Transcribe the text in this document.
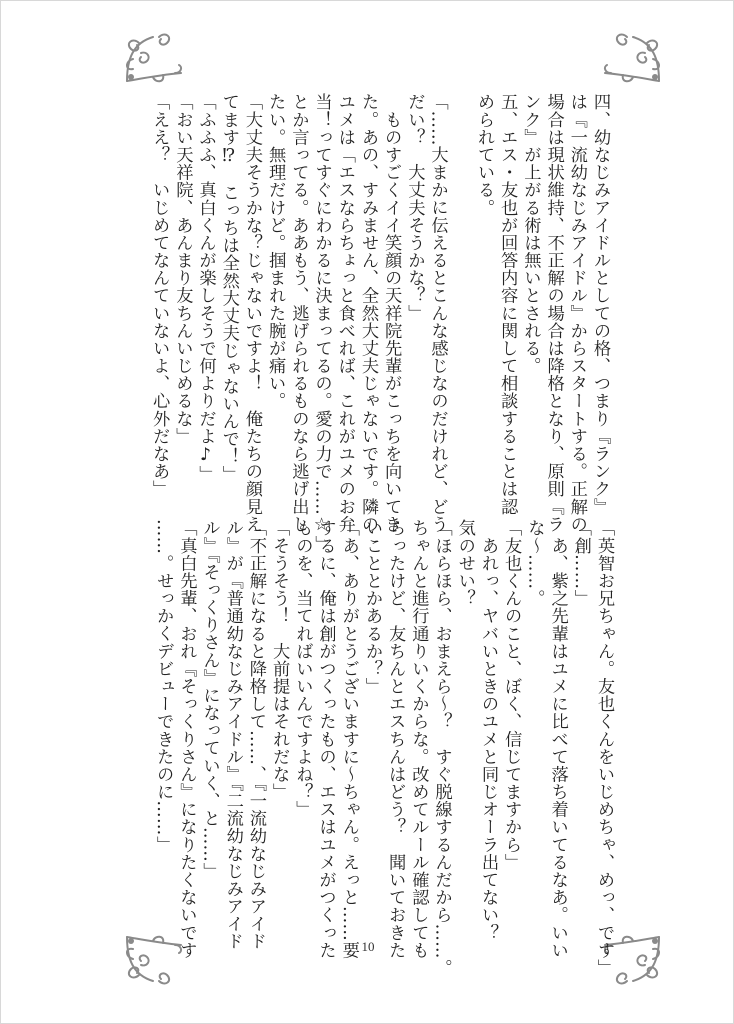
四、幼なじみアイドルとしての格、つまり『ランク』
は『一流幼なじみアイドル』からスタートする。正解の
場合は現状維持、不正解の場合は降格となり、原則『ラ
ンク』が上がる術は無いとされる。
五、エス・友也が回答内容に関して相談することは認
められている。

「……大まかに伝えるとこんな感じなのだけれど、どう
だい？　大丈夫そうかな？」
　ものすごくイイ笑顔の天祥院先輩がこっちを向いてき
た。あの、すみません、全然大丈夫じゃないです。隣の
ユメは「エスならちょっと食べれば、これがユメのお弁
当！ってすぐにわかるに決まってるの。愛の力で……☆」
とか言ってる。ああもう、逃げられるものなら逃げ出し
たい。無理だけど。掴まれた腕が痛い。
「大丈夫そうかな？じゃないですよ！　俺たちの顔見え
てます⁉　こっちは全然大丈夫じゃないんで！」
「ふふふ、真白くんが楽しそうで何よりだよ♪」
「おい天祥院、あんまり友ちんいじめるな」
「ええ？　いじめてなんていないよ、心外だなあ」
「英智お兄ちゃん。友也くんをいじめちゃ、めっ、です」
「創……」
　あ、紫之先輩はユメに比べて落ち着いてるなあ。いい
な～……。
「友也くんのこと、ぼく、信じてますから」
　あれっ、ヤバいときのユメと同じオーラ出てない？
気のせい？
「ほらほら、おまえら～？　すぐ脱線するんだから……。
ちゃんと進行通りいくからな。改めてルール確認しても
らったけど、友ちんとエスちんはどう？　聞いておきた
いこととかあるか？」
「あ、ありがとうございますに～ちゃん。えっと……要
するに、俺は創がつくったもの、エスはユメがつくった
ものを、当てればいいんですよね？」
「そうそう！　大前提はそれだな」
「不正解になると降格して……、『一流幼なじみアイド
ル』が『普通幼なじみアイドル』『二流幼なじみアイド
ル』『そっくりさん』になっていく、と……」
「真白先輩、おれ『そっくりさん』になりたくないです
……。せっかくデビューできたのに……」
10
